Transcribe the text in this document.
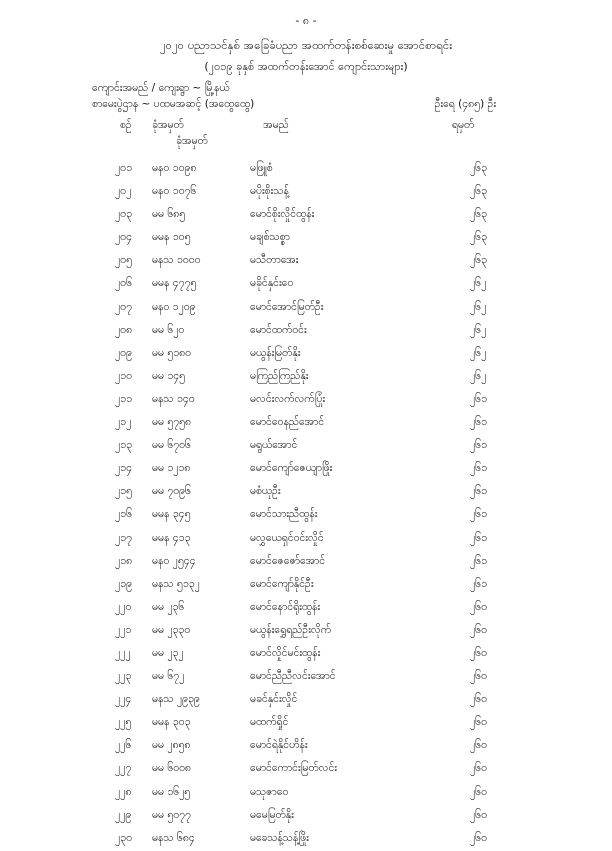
- ၈ -
၂၀၂၀ ပညာသင်နှစ် အခြေခံပညာ အထက်တန်းစစ်ဆေးမှု အောင်စာရင်း
(၂၀၁၉ ခုနှစ် အထက်တန်းအောင် ကျောင်းသားများ)
ကျောင်းအမည် / ကျေးရွာ ~ မြို့နယ်
စာမေးပွဲဌာန ~ ပထမအဆင့် (အထွေထွေ)	ဦးရေ (၄၈၅) ဦး
စဉ် ခုံအမှတ်
ခုံအမှတ်
အမည်	ရမှတ်
၂၀၁ မနဝ ၁၀၉၈	မဖြူစံ	၂၆၃
၂၀၂ မနဝ ၁၀၇၆	မပိုးစိုးသန့်	၂၆၃
၂၀၃ မမ ၆၈၅	မောင်စိုးလှိုင်ထွန်း	၂၆၃
၂၀၄ မမန ၁၀၅	မချစ်သစ္စာ	၂၆၃
၂၀၅ မနသ ၁၀၀၀	မသီတာအေး	၂၆၃
၂၀၆ မမန ၄၇၇၅	မခိုင်နှင်းဝေ	၂၆၂
၂၀၇ မနဝ ၁၂၀၉	မောင်အောင်မြတ်ဦး	၂၆၂
၂၀၈ မမ ၆၂၀	မောင်ထက်ဝင်း	၂၆၂
၂၀၉ မမ ၅၁၈၀	မယွန်းမြတ်နိုး	၂၆၂
၂၁၀ မမ ၁၄၅	မကြည်ကြည်နိုး	၂၆၂
၂၁၁ မနသ ၁၄၀	မလင်းလက်လက်ပြုံး	၂၆၁
၂၁၂ မမ ၅၇၅၈	မောင်ဝေနည်အောင်	၂၆၁
၂၁၃ မမ ၆၇၀၆	မရွယ်အောင်	၂၆၁
၂၁၄ မမ ၁၂၁၈	မောင်ကျော်ဇေယျာဖြိုး	၂၆၁
၂၁၅ မမ ၇၀၉၆	မစံယုဦး	၂၆၁
၂၁၆ မမန ၃၄၅	မောင်သားညီထွန်း	၂၆၁
၂၁၇ မမန ၄၁၃	မလွှယေရှင်ဝင်းလှိုင်	၂၆၁
၂၁၈ မနဝ ၂၅၄၄	မောင်ဇေဇော်အောင်	၂၆၁
၂၁၉ မနသ ၅၁၃၂	မောင်ကျော်နိုင်ဦး	၂၆၁
၂၂၀ မမ ၂၃၆	မောင်နောင်ရိုးထွန်း	၂၆၀
၂၂၁ မမ ၂၃၃၀	မယွန်းရွှေရည်ဦးလိုက်	၂၆၀
၂၂၂ မမ ၂၃၂	မောင်လှိုင်မင်းထွန်း	၂၆၀
၂၂၃ မမ ၆၇၂	မောင်ညီညီလင်းအောင်	၂၆၀
၂၂၄ မနသ ၂၉၃၉	မခင်နှင်းလှိုင်	၂၆၀
၂၂၅ မမန ၃၀၃	မထက်ရှိုင်	၂၆၀
၂၂၆ မမ ၂၈၅၈	မောင်ရဲနိုင်ဟိန်း	၂၆၀
၂၂၇ မမ ၆၀၀၈	မောင်ကောင်းမြတ်လင်း	၂၆၀
၂၂၈ မမ ၁၆၂၅	မသုဇာဝေ	၂၆၀
၂၂၉ မမ ၅၀၇၇	မမေမြတ်နိုး	၂၆၀
၂၃၀ မနသ ၆၈၄	မခေသန့်သန့်ဖြိုး	၂၆၀
